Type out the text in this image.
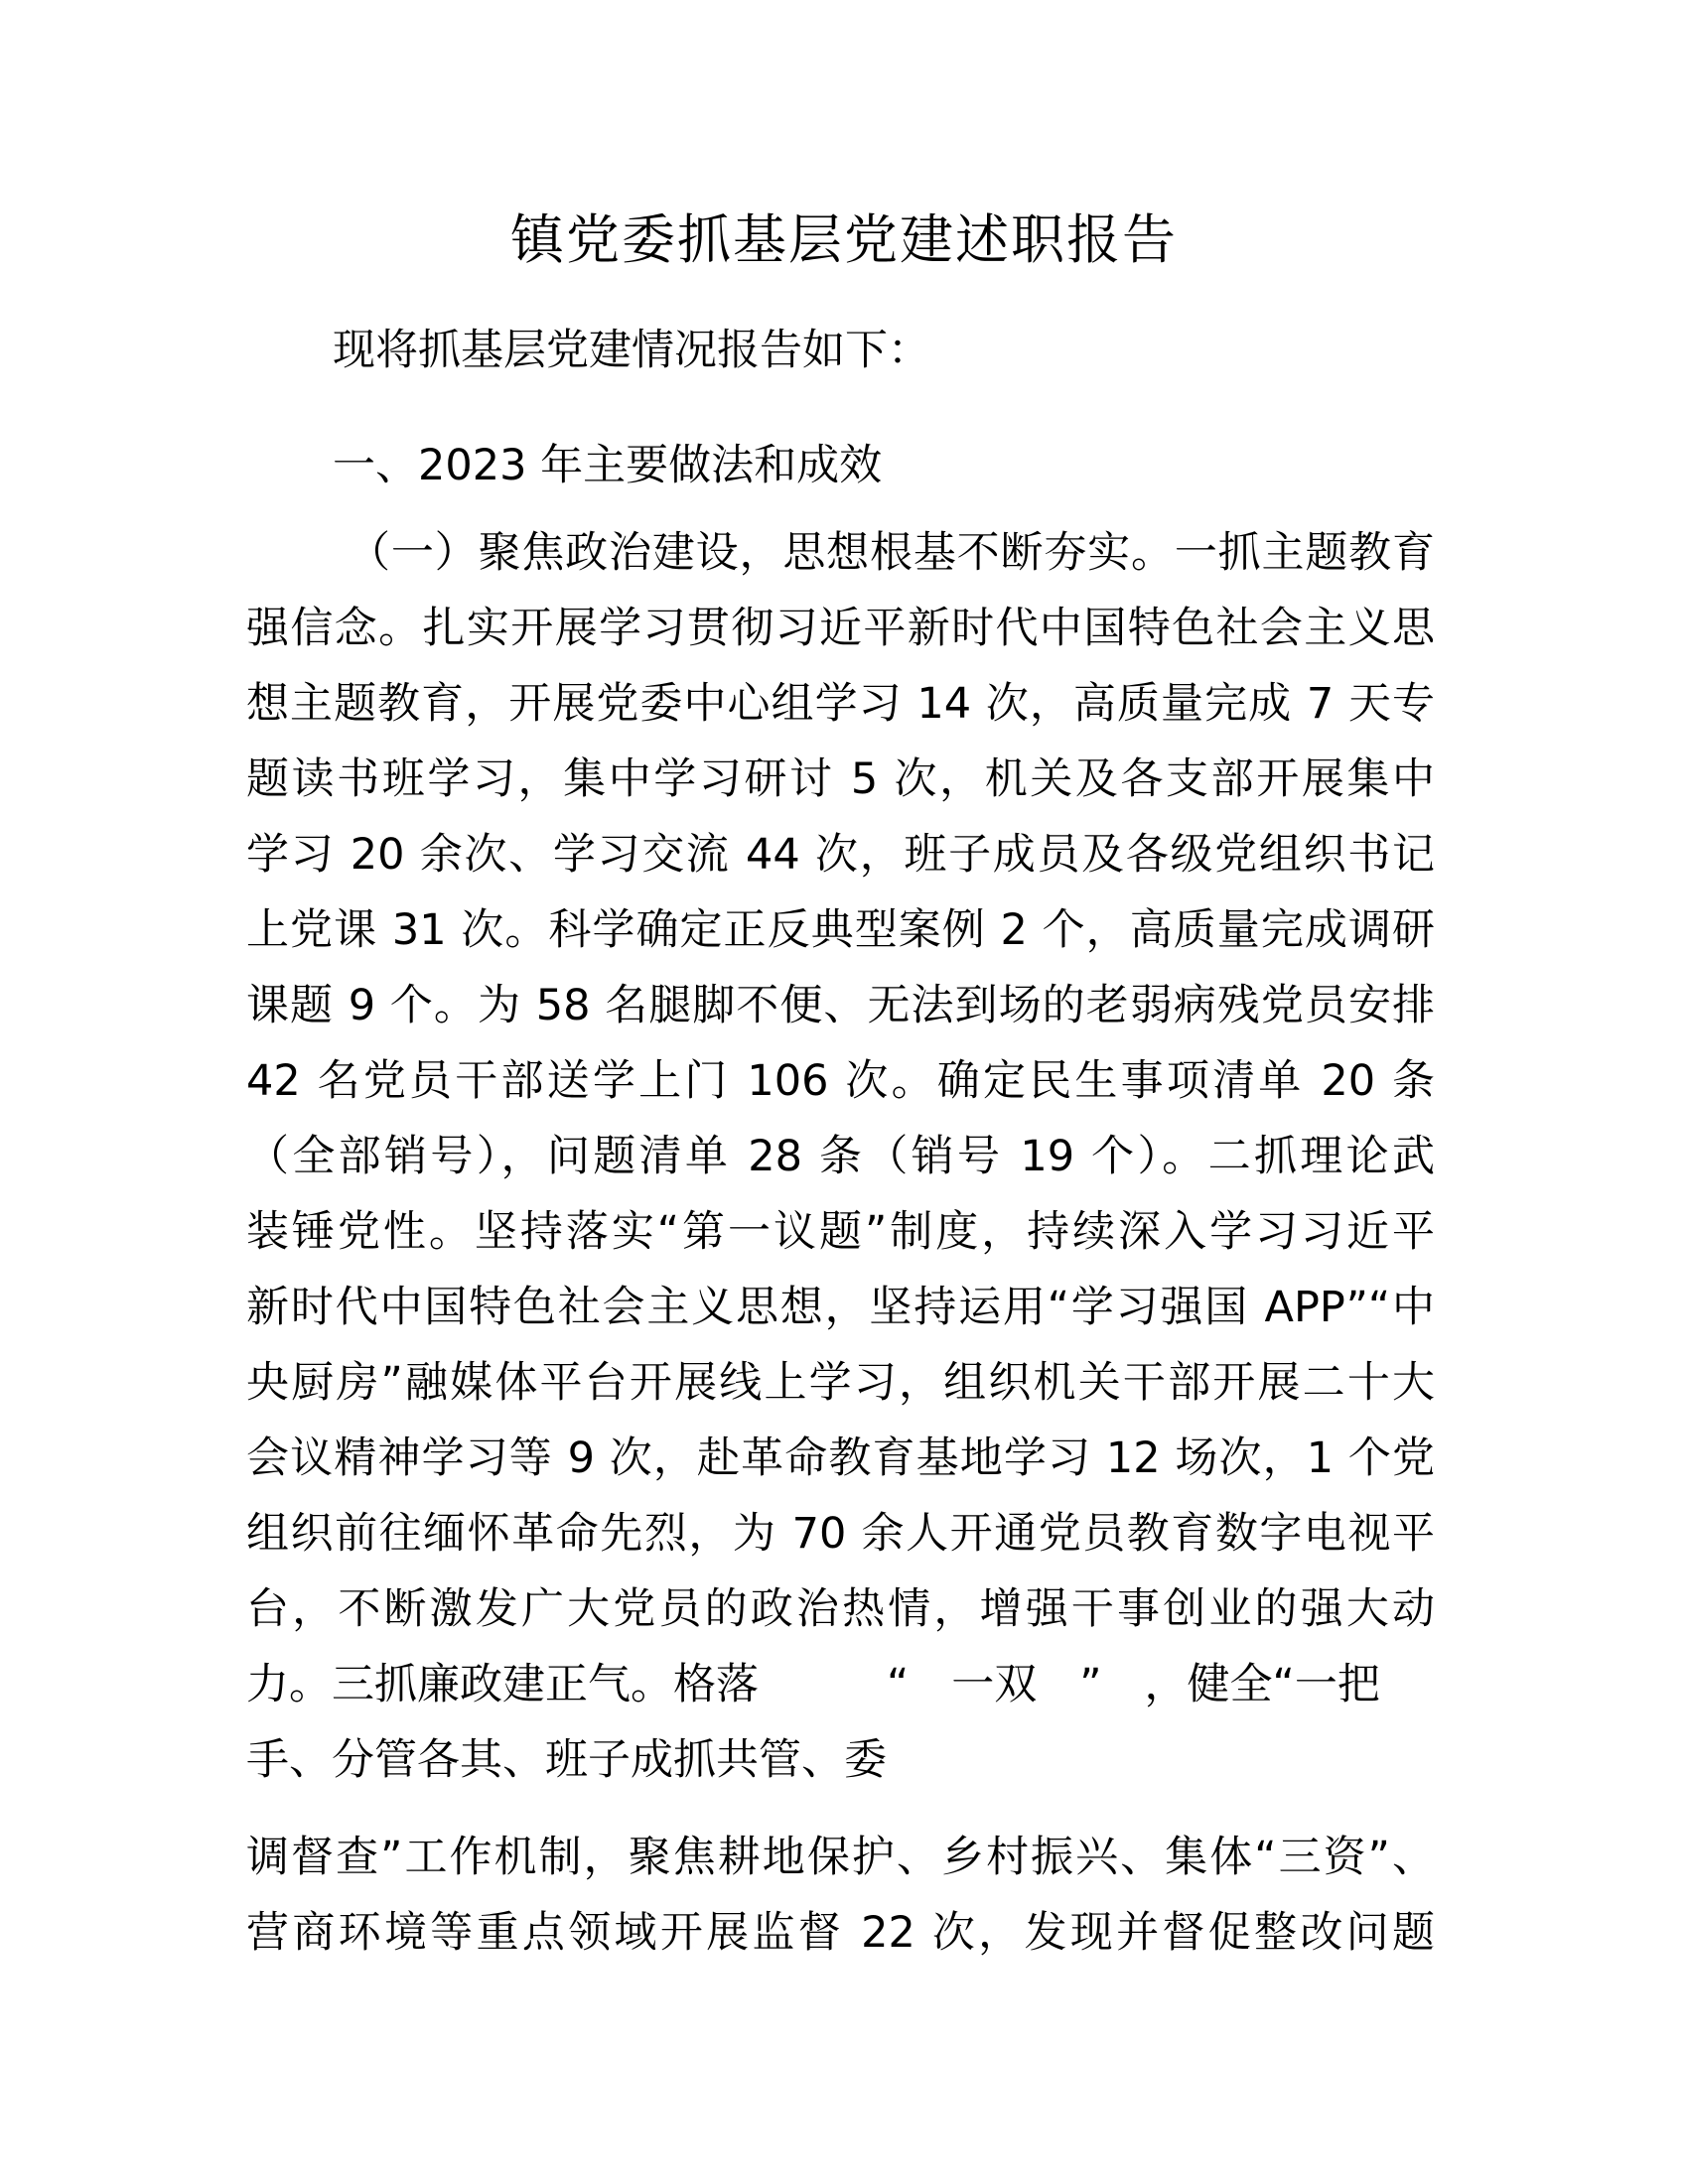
镇党委抓基层党建述职报告

现将抓基层党建情况报告如下：

一、2023 年主要做法和成效

（一）聚焦政治建设，思想根基不断夯实。一抓主题教育

强信念。扎实开展学习贯彻习近平新时代中国特色社会主义思

想主题教育，开展党委中心组学习 14 次，高质量完成 7 天专

题读书班学习，集中学习研讨 5 次，机关及各支部开展集中

学习 20 余次、学习交流 44 次，班子成员及各级党组织书记

上党课 31 次。科学确定正反典型案例 2 个，高质量完成调研

课题 9 个。为 58 名腿脚不便、无法到场的老弱病残党员安排

42 名党员干部送学上门 106 次。确定民生事项清单 20 条

（全部销号），问题清单 28 条（销号 19 个）。二抓理论武

装锤党性。坚持落实“第一议题”制度，持续深入学习习近平

新时代中国特色社会主义思想，坚持运用“学习强国 APP”“中

央厨房”融媒体平台开展线上学习，组织机关干部开展二十大

会议精神学习等 9 次，赴革命教育基地学习 12 场次，1 个党

组织前往缅怀革命先烈，为 70 余人开通党员教育数字电视平

台，不断激发广大党员的政治热情，增强干事创业的强大动

力。三抓廉政建正气。格落　　　“　一双　”　，健全“一把

手、分管各其、班子成抓共管、委

调督查”工作机制，聚焦耕地保护、乡村振兴、集体“三资”、

营商环境等重点领域开展监督 22 次，发现并督促整改问题
